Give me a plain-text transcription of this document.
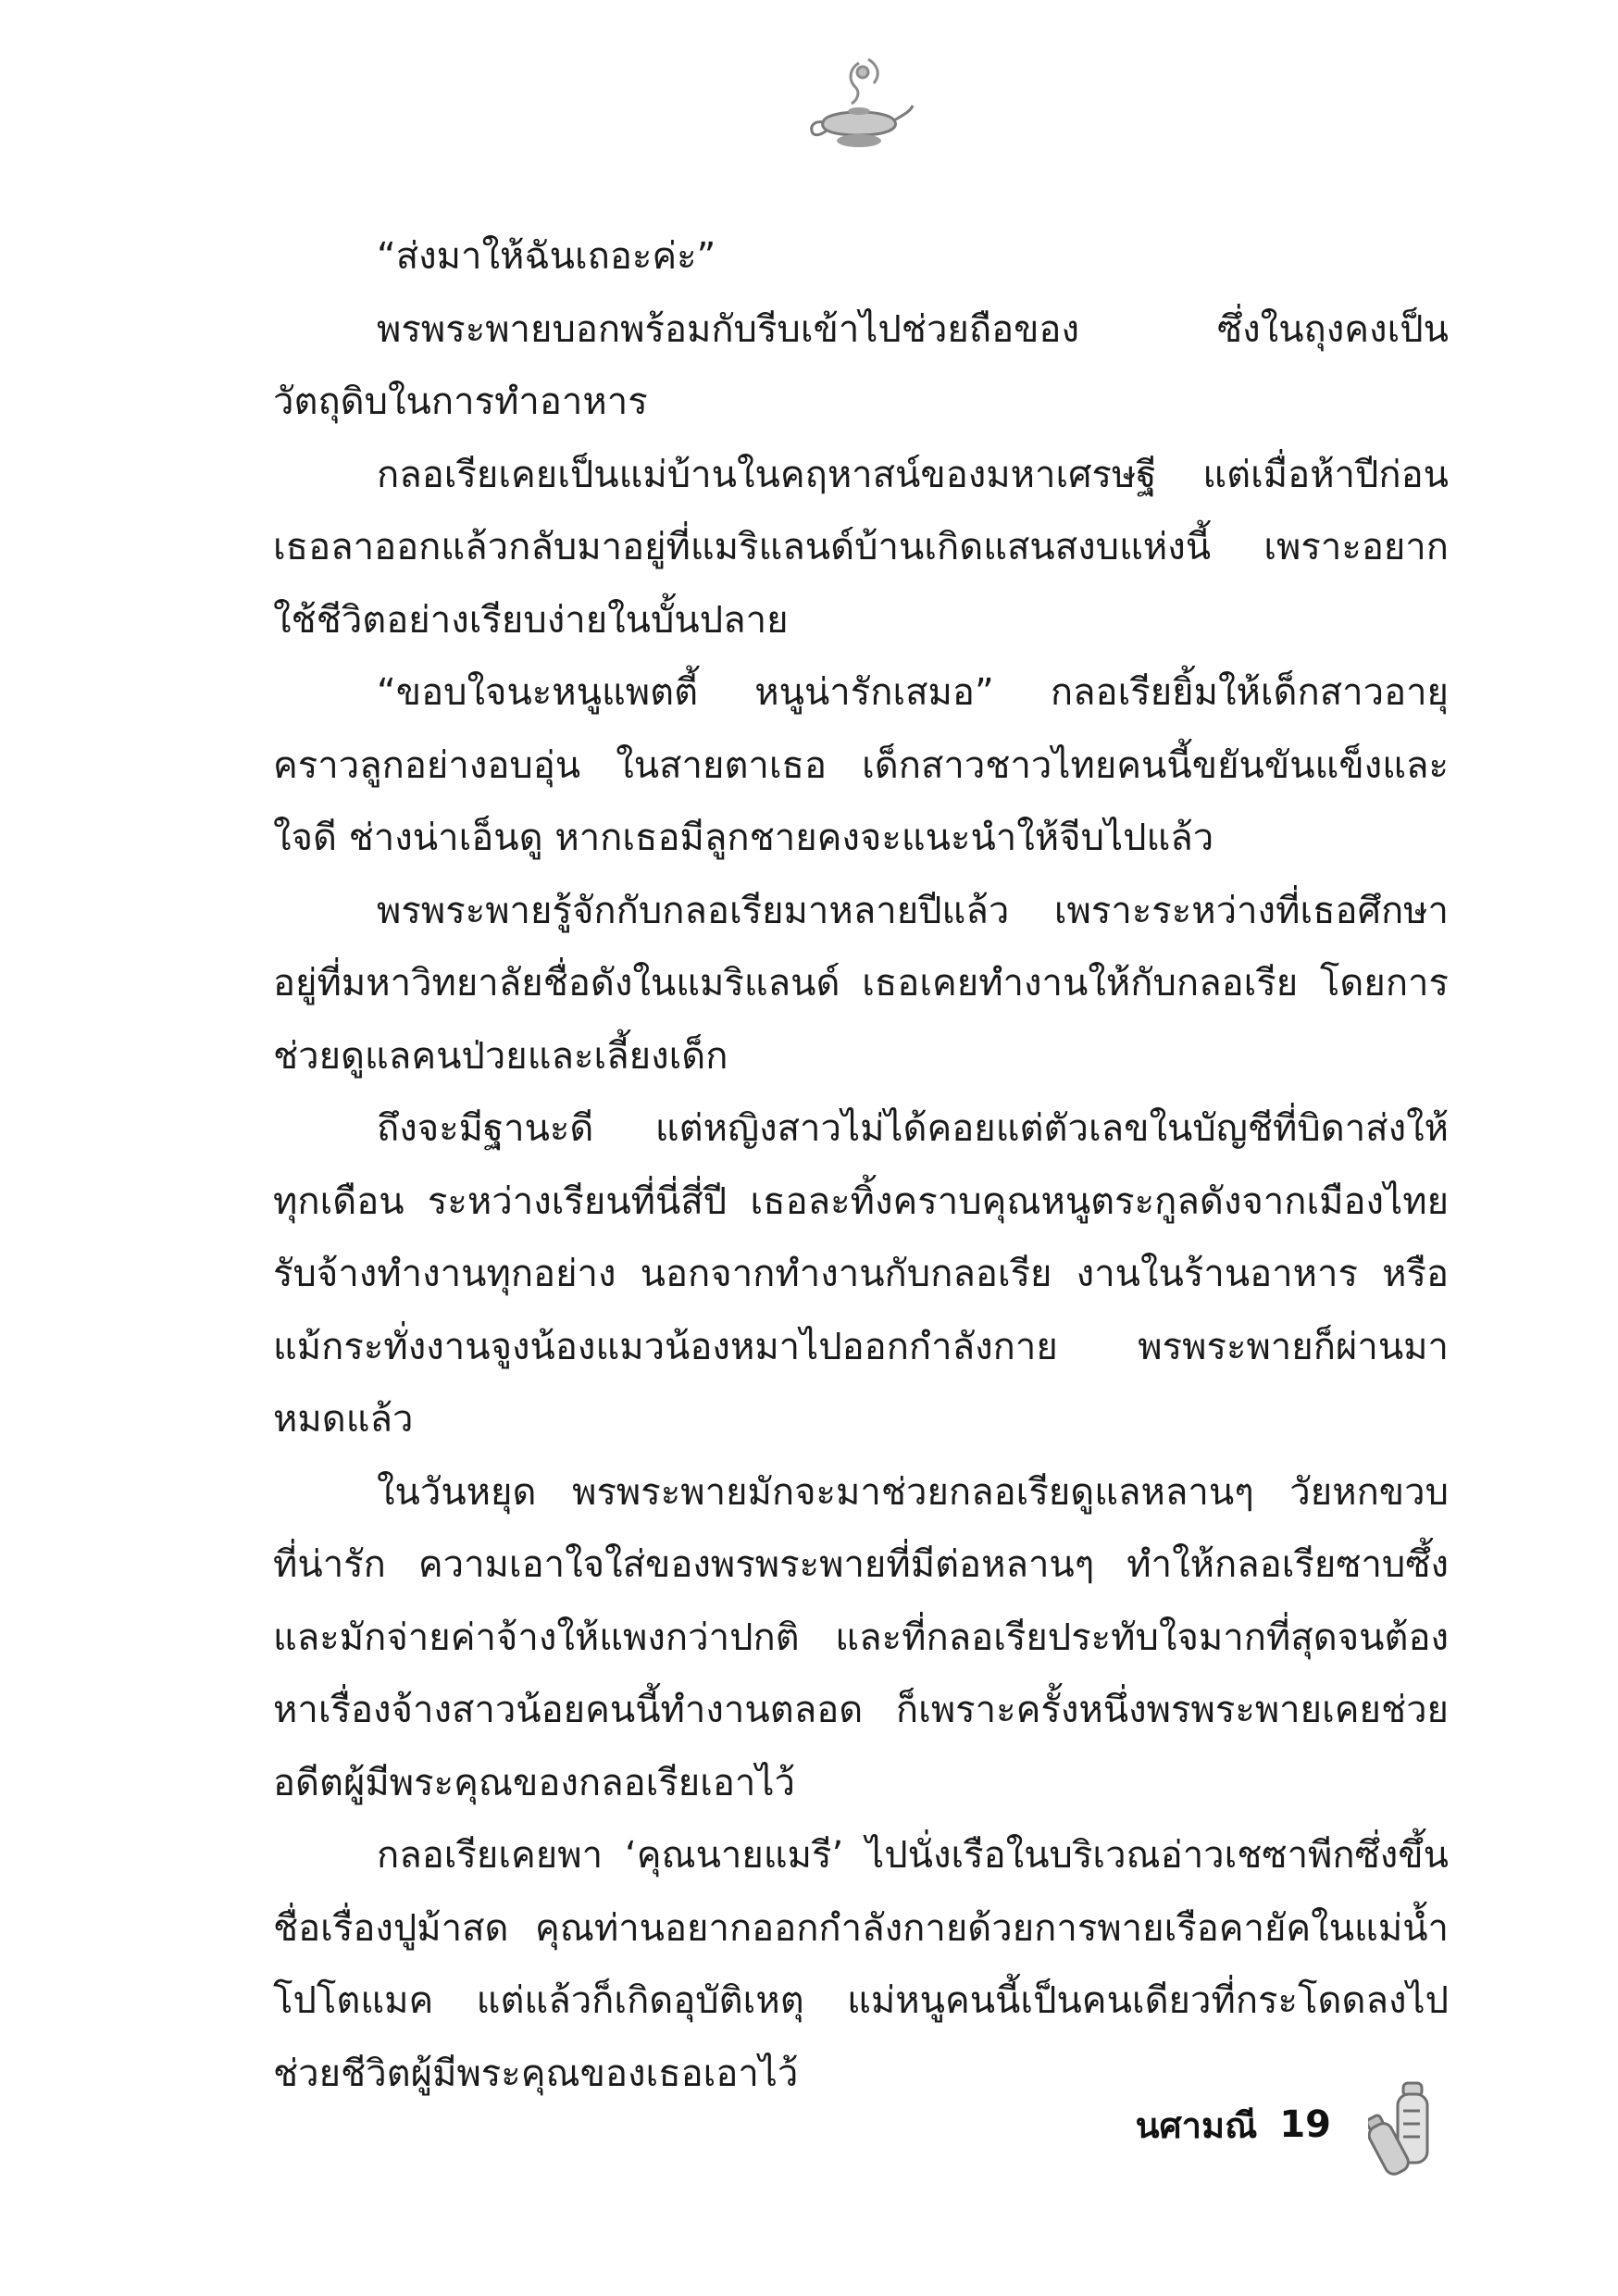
“ส่งมาให้ฉันเถอะค่ะ”
พรพระพายบอกพร้อมกับรีบเข้าไปช่วยถือของ ซึ่งในถุงคงเป็น
วัตถุดิบในการทำอาหาร
กลอเรียเคยเป็นแม่บ้านในคฤหาสน์ของมหาเศรษฐี แต่เมื่อห้าปีก่อน
เธอลาออกแล้วกลับมาอยู่ที่แมริแลนด์บ้านเกิดแสนสงบแห่งนี้ เพราะอยาก
ใช้ชีวิตอย่างเรียบง่ายในบั้นปลาย
“ขอบใจนะหนูแพตตี้ หนูน่ารักเสมอ” กลอเรียยิ้มให้เด็กสาวอายุ
คราวลูกอย่างอบอุ่น ในสายตาเธอ เด็กสาวชาวไทยคนนี้ขยันขันแข็งและ
ใจดี ช่างน่าเอ็นดู หากเธอมีลูกชายคงจะแนะนำให้จีบไปแล้ว
พรพระพายรู้จักกับกลอเรียมาหลายปีแล้ว เพราะระหว่างที่เธอศึกษา
อยู่ที่มหาวิทยาลัยชื่อดังในแมริแลนด์ เธอเคยทำงานให้กับกลอเรีย โดยการ
ช่วยดูแลคนป่วยและเลี้ยงเด็ก
ถึงจะมีฐานะดี แต่หญิงสาวไม่ได้คอยแต่ตัวเลขในบัญชีที่บิดาส่งให้
ทุกเดือน ระหว่างเรียนที่นี่สี่ปี เธอละทิ้งคราบคุณหนูตระกูลดังจากเมืองไทย
รับจ้างทำงานทุกอย่าง นอกจากทำงานกับกลอเรีย งานในร้านอาหาร หรือ
แม้กระทั่งงานจูงน้องแมวน้องหมาไปออกกำลังกาย พรพระพายก็ผ่านมา
หมดแล้ว
ในวันหยุด พรพระพายมักจะมาช่วยกลอเรียดูแลหลานๆ วัยหกขวบ
ที่น่ารัก ความเอาใจใส่ของพรพระพายที่มีต่อหลานๆ ทำให้กลอเรียซาบซึ้ง
และมักจ่ายค่าจ้างให้แพงกว่าปกติ และที่กลอเรียประทับใจมากที่สุดจนต้อง
หาเรื่องจ้างสาวน้อยคนนี้ทำงานตลอด ก็เพราะครั้งหนึ่งพรพระพายเคยช่วย
อดีตผู้มีพระคุณของกลอเรียเอาไว้
กลอเรียเคยพา ‘คุณนายแมรี’ ไปนั่งเรือในบริเวณอ่าวเชซาพีกซึ่งขึ้น
ชื่อเรื่องปูม้าสด คุณท่านอยากออกกำลังกายด้วยการพายเรือคายัคในแม่น้ำ
โปโตแมค แต่แล้วก็เกิดอุบัติเหตุ แม่หนูคนนี้เป็นคนเดียวที่กระโดดลงไป
ช่วยชีวิตผู้มีพระคุณของเธอเอาไว้
นศามณี 19
